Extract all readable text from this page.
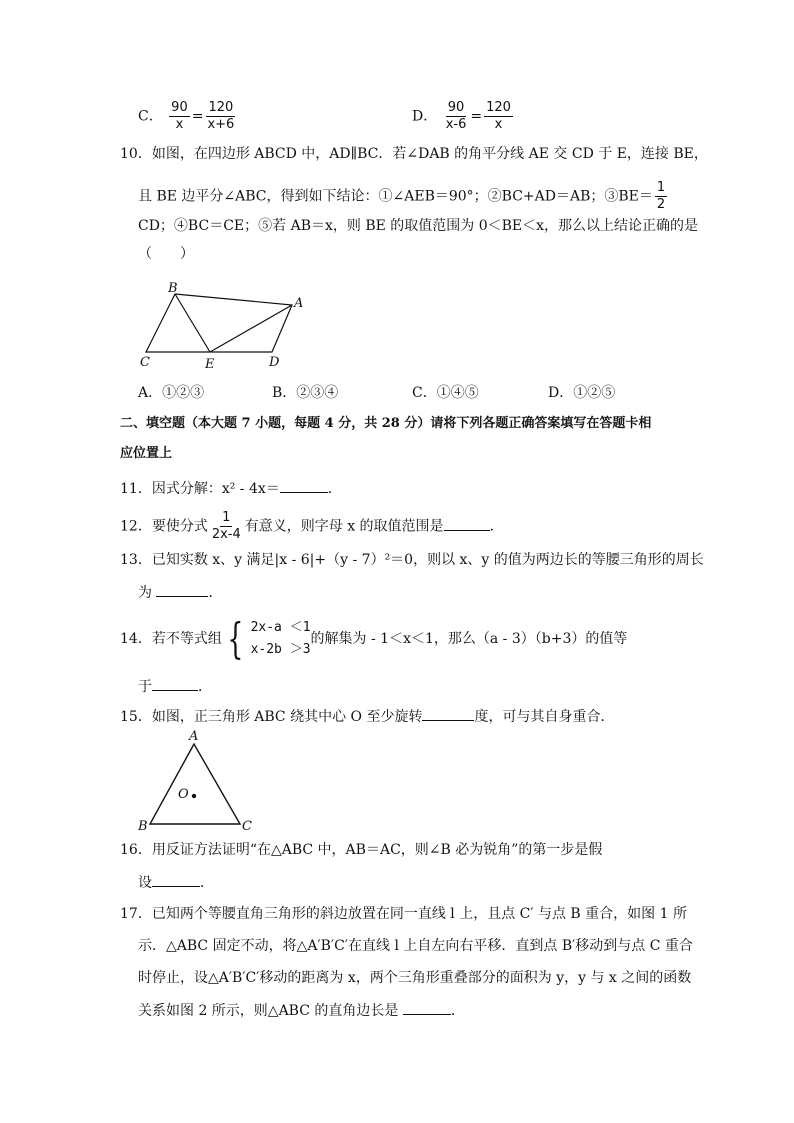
C． $\frac{90}{x} = \frac{120}{x+6}$	D． $\frac{90}{x-6} = \frac{120}{x}$
10．如图，在四边形 ABCD 中，AD∥BC．若∠DAB 的角平分线 AE 交 CD 于 E，连接 BE，
且 BE 边平分∠ABC，得到如下结论：①∠AEB＝90°；②BC+AD＝AB；③BE＝ $\frac{1}{2}$
CD；④BC＝CE；⑤若 AB＝x，则 BE 的取值范围为 0＜BE＜x，那么以上结论正确的是
（　　）
B
A
C	E	D
A．①②③	B．②③④	C．①④⑤	D．①②⑤
二、填空题（本大题 7 小题，每题 4 分，共 28 分）请将下列各题正确答案填写在答题卡相
应位置上
11．因式分解：x² - 4x＝	．
12．要使分式 $\frac{1}{2x-4}$ 有意义，则字母 x 的取值范围是	．
13．已知实数 x、y 满足|x - 6|+（y - 7）²＝0，则以 x、y 的值为两边长的等腰三角形的周长
为	．
14．若不等式组 { 2x-a ＜1
x-2b ＞3
的解集为 - 1＜x＜1，那么（a - 3）（b+3）的值等
于	．
15．如图，正三角形 ABC 绕其中心 O 至少旋转	度，可与其自身重合．
A
B	C
O
16．用反证方法证明“在△ABC 中，AB＝AC，则∠B 必为锐角”的第一步是假
设	．
17．已知两个等腰直角三角形的斜边放置在同一直线 l 上，且点 C′ 与点 B 重合，如图 1 所
示．△ABC 固定不动，将△A′B′C′在直线 l 上自左向右平移．直到点 B′移动到与点 C 重合
时停止，设△A′B′C′移动的距离为 x，两个三角形重叠部分的面积为 y，y 与 x 之间的函数
关系如图 2 所示，则△ABC 的直角边长是	．
